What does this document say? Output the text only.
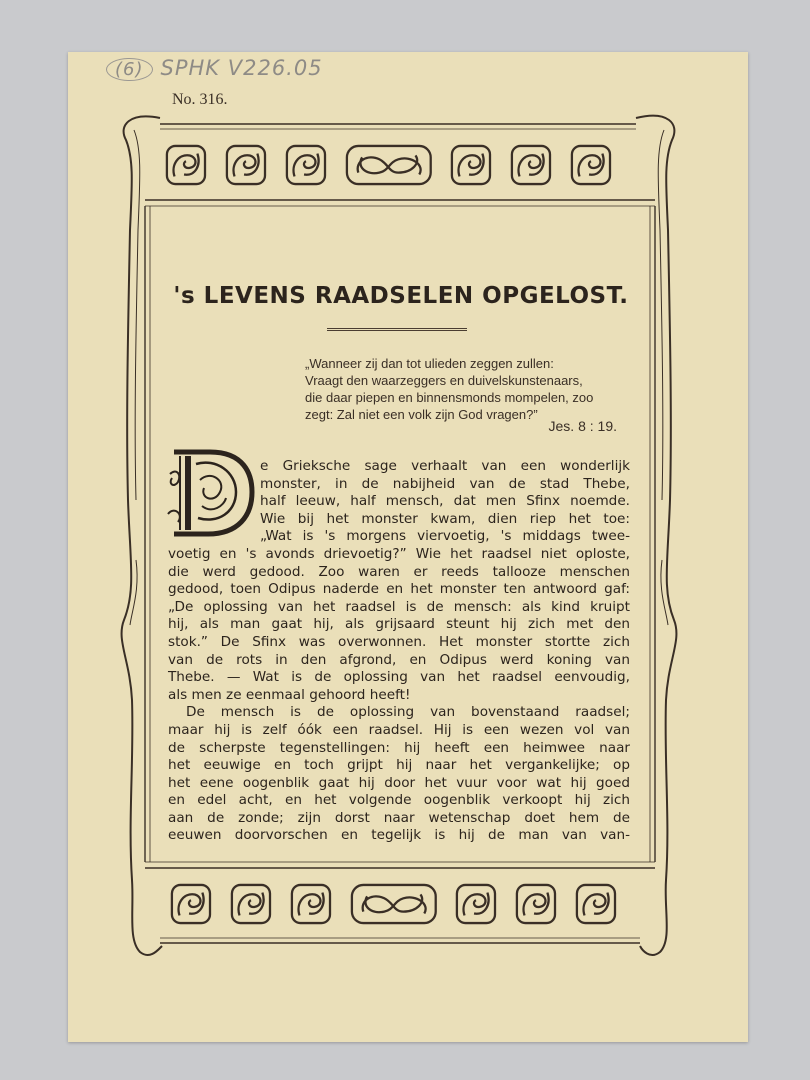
(6) SPHK V226.05
No. 316.
's LEVENS RAADSELEN OPGELOST.
„Wanneer zij dan tot ulieden zeggen zullen:
Vraagt den waarzeggers en duivelskunstenaars,
die daar piepen en binnensmonds mompelen, zoo
zegt: Zal niet een volk zijn God vragen?”
Jes. 8 : 19.
e Grieksche sage verhaalt van een wonderlijk
monster, in de nabijheid van de stad Thebe,
half leeuw, half mensch, dat men Sfinx noemde.
Wie bij het monster kwam, dien riep het toe:
„Wat is 's morgens viervoetig, 's middags twee-
voetig en 's avonds drievoetig?” Wie het raadsel niet oploste,
die werd gedood. Zoo waren er reeds tallooze menschen
gedood, toen Odipus naderde en het monster ten antwoord gaf:
„De oplossing van het raadsel is de mensch: als kind kruipt
hij, als man gaat hij, als grijsaard steunt hij zich met den
stok.” De Sfinx was overwonnen. Het monster stortte zich
van de rots in den afgrond, en Odipus werd koning van
Thebe. — Wat is de oplossing van het raadsel eenvoudig,
als men ze eenmaal gehoord heeft!
De mensch is de oplossing van bovenstaand raadsel;
maar hij is zelf óók een raadsel. Hij is een wezen vol van
de scherpste tegenstellingen: hij heeft een heimwee naar
het eeuwige en toch grijpt hij naar het vergankelijke; op
het eene oogenblik gaat hij door het vuur voor wat hij goed
en edel acht, en het volgende oogenblik verkoopt hij zich
aan de zonde; zijn dorst naar wetenschap doet hem de
eeuwen doorvorschen en tegelijk is hij de man van van-
